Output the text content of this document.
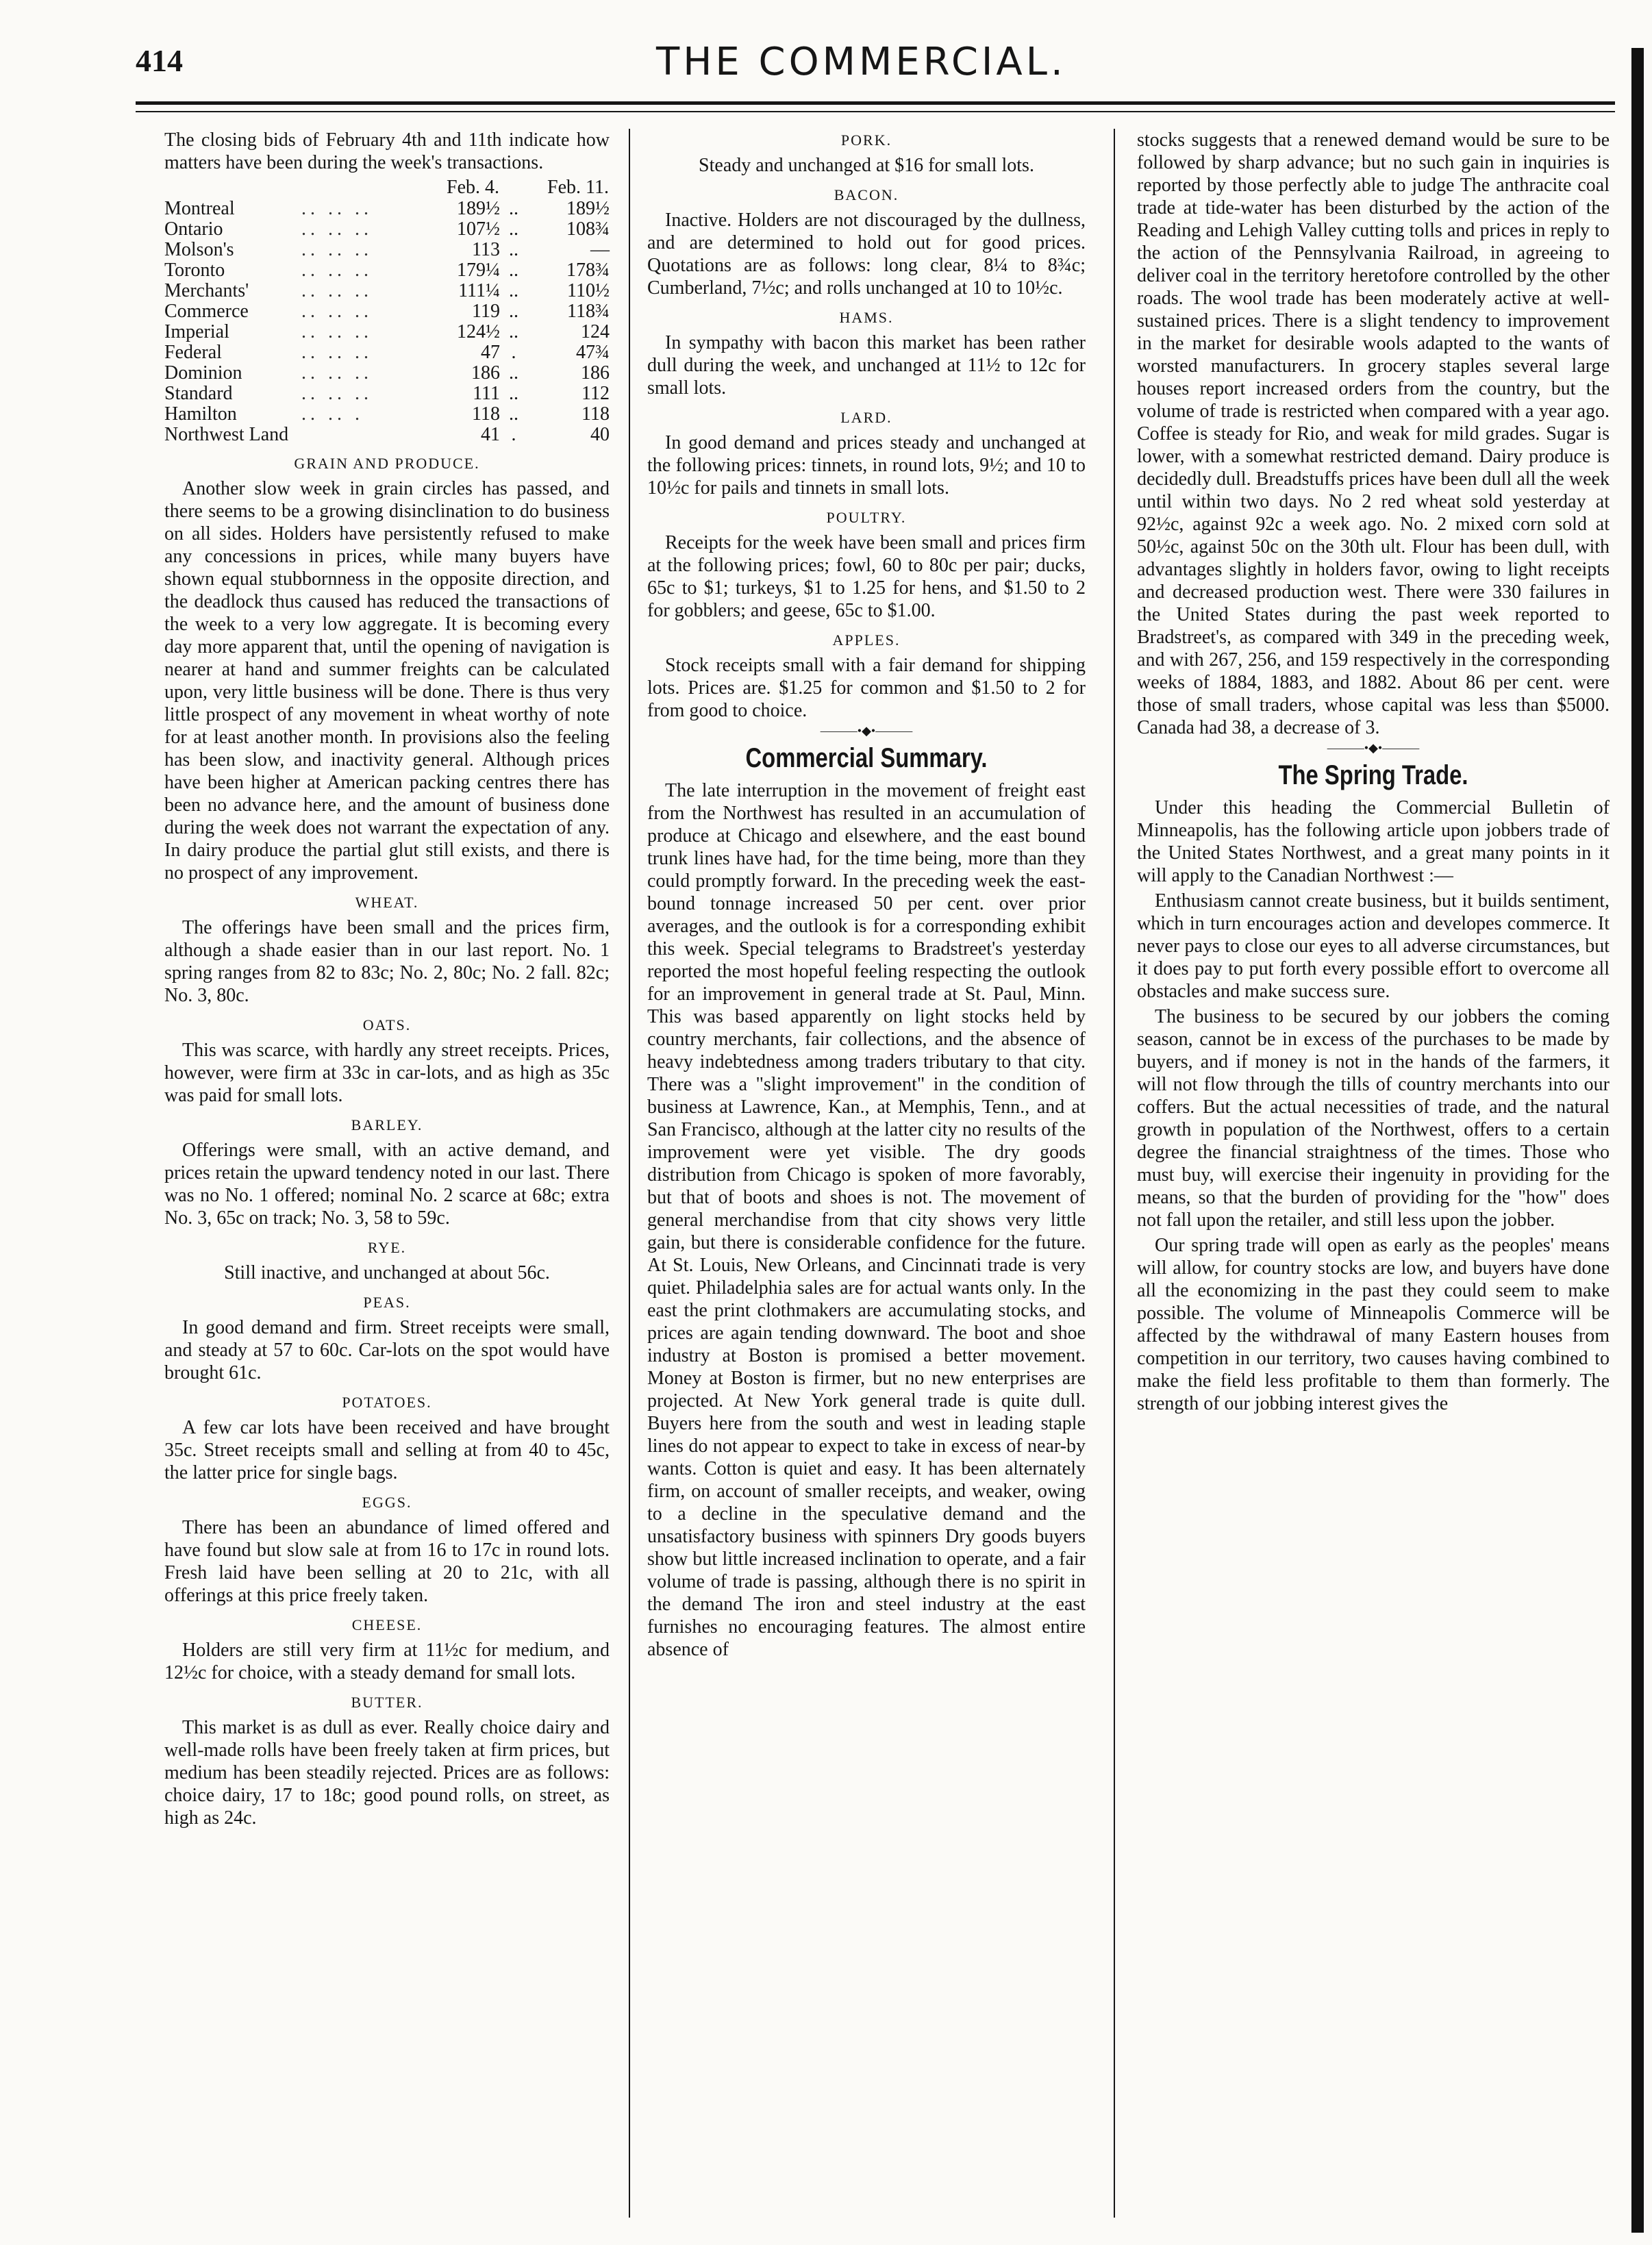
414	THE COMMERCIAL.

The closing bids of February 4th and 11th indicate how matters have been during the week's transactions.

		Feb. 4.		Feb. 11.
Montreal	.. .. ..	189½	..	189½
Ontario	.. .. ..	107½	..	108¾
Molson's	.. .. ..	113	..	—
Toronto	.. .. ..	179¼	..	178¾
Merchants'	.. .. ..	111¼	..	110½
Commerce	.. .. ..	119	..	118¾
Imperial	.. .. ..	124½	..	124
Federal	.. .. ..	47	.	47¾
Dominion	.. .. ..	186	..	186
Standard	.. .. ..	111	..	112
Hamilton	.. .. .	118	..	118
Northwest Land		41	.	40
GRAIN AND PRODUCE.

Another slow week in grain circles has passed, and there seems to be a growing disinclination to do business on all sides. Holders have persistently refused to make any concessions in prices, while many buyers have shown equal stubbornness in the opposite direction, and the deadlock thus caused has reduced the transactions of the week to a very low aggregate. It is becoming every day more apparent that, until the opening of navigation is nearer at hand and summer freights can be calculated upon, very little business will be done. There is thus very little prospect of any movement in wheat worthy of note for at least another month. In provisions also the feeling has been slow, and inactivity general. Although prices have been higher at American packing centres there has been no advance here, and the amount of business done during the week does not warrant the expectation of any. In dairy produce the partial glut still exists, and there is no prospect of any improvement.

WHEAT.

The offerings have been small and the prices firm, although a shade easier than in our last report. No. 1 spring ranges from 82 to 83c; No. 2, 80c; No. 2 fall. 82c; No. 3, 80c.

OATS.

This was scarce, with hardly any street receipts. Prices, however, were firm at 33c in car-lots, and as high as 35c was paid for small lots.

BARLEY.

Offerings were small, with an active demand, and prices retain the upward tendency noted in our last. There was no No. 1 offered; nominal No. 2 scarce at 68c; extra No. 3, 65c on track; No. 3, 58 to 59c.

RYE.

Still inactive, and unchanged at about 56c.

PEAS.

In good demand and firm. Street receipts were small, and steady at 57 to 60c. Car-lots on the spot would have brought 61c.

POTATOES.

A few car lots have been received and have brought 35c. Street receipts small and selling at from 40 to 45c, the latter price for single bags.

EGGS.

There has been an abundance of limed offered and have found but slow sale at from 16 to 17c in round lots. Fresh laid have been selling at 20 to 21c, with all offerings at this price freely taken.

CHEESE.

Holders are still very firm at 11½c for medium, and 12½c for choice, with a steady demand for small lots.

BUTTER.

This market is as dull as ever. Really choice dairy and well-made rolls have been freely taken at firm prices, but medium has been steadily rejected. Prices are as follows: choice dairy, 17 to 18c; good pound rolls, on street, as high as 24c.

PORK.

Steady and unchanged at $16 for small lots.

BACON.

Inactive. Holders are not discouraged by the dullness, and are determined to hold out for good prices. Quotations are as follows: long clear, 8¼ to 8¾c; Cumberland, 7½c; and rolls unchanged at 10 to 10½c.

HAMS.

In sympathy with bacon this market has been rather dull during the week, and unchanged at 11½ to 12c for small lots.

LARD.

In good demand and prices steady and unchanged at the following prices: tinnets, in round lots, 9½; and 10 to 10½c for pails and tinnets in small lots.

POULTRY.

Receipts for the week have been small and prices firm at the following prices; fowl, 60 to 80c per pair; ducks, 65c to $1; turkeys, $1 to 1.25 for hens, and $1.50 to 2 for gobblers; and geese, 65c to $1.00.

APPLES.

Stock receipts small with a fair demand for shipping lots. Prices are. $1.25 for common and $1.50 to 2 for from good to choice.

———•◆•———
Commercial Summary.

The late interruption in the movement of freight east from the Northwest has resulted in an accumulation of produce at Chicago and elsewhere, and the east bound trunk lines have had, for the time being, more than they could promptly forward. In the preceding week the east-bound tonnage increased 50 per cent. over prior averages, and the outlook is for a corresponding exhibit this week. Special telegrams to Bradstreet's yesterday reported the most hopeful feeling respecting the outlook for an improvement in general trade at St. Paul, Minn. This was based apparently on light stocks held by country merchants, fair collections, and the absence of heavy indebtedness among traders tributary to that city. There was a "slight improvement" in the condition of business at Lawrence, Kan., at Memphis, Tenn., and at San Francisco, although at the latter city no results of the improvement were yet visible. The dry goods distribution from Chicago is spoken of more favorably, but that of boots and shoes is not. The movement of general merchandise from that city shows very little gain, but there is considerable confidence for the future. At St. Louis, New Orleans, and Cincinnati trade is very quiet. Philadelphia sales are for actual wants only. In the east the print clothmakers are accumulating stocks, and prices are again tending downward. The boot and shoe industry at Boston is promised a better movement. Money at Boston is firmer, but no new enterprises are projected. At New York general trade is quite dull. Buyers here from the south and west in leading staple lines do not appear to expect to take in excess of near-by wants. Cotton is quiet and easy. It has been alternately firm, on account of smaller receipts, and weaker, owing to a decline in the speculative demand and the unsatisfactory business with spinners Dry goods buyers show but little increased inclination to operate, and a fair volume of trade is passing, although there is no spirit in the demand The iron and steel industry at the east furnishes no encouraging features. The almost entire absence of

stocks suggests that a renewed demand would be sure to be followed by sharp advance; but no such gain in inquiries is reported by those perfectly able to judge The anthracite coal trade at tide-water has been disturbed by the action of the Reading and Lehigh Valley cutting tolls and prices in reply to the action of the Pennsylvania Railroad, in agreeing to deliver coal in the territory heretofore controlled by the other roads. The wool trade has been moderately active at well-sustained prices. There is a slight tendency to improvement in the market for desirable wools adapted to the wants of worsted manufacturers. In grocery staples several large houses report increased orders from the country, but the volume of trade is restricted when compared with a year ago. Coffee is steady for Rio, and weak for mild grades. Sugar is lower, with a somewhat restricted demand. Dairy produce is decidedly dull. Breadstuffs prices have been dull all the week until within two days. No 2 red wheat sold yesterday at 92½c, against 92c a week ago. No. 2 mixed corn sold at 50½c, against 50c on the 30th ult. Flour has been dull, with advantages slightly in holders favor, owing to light receipts and decreased production west. There were 330 failures in the United States during the past week reported to Bradstreet's, as compared with 349 in the preceding week, and with 267, 256, and 159 respectively in the corresponding weeks of 1884, 1883, and 1882. About 86 per cent. were those of small traders, whose capital was less than $5000. Canada had 38, a decrease of 3.

———•◆•———
The Spring Trade.

Under this heading the Commercial Bulletin of Minneapolis, has the following article upon jobbers trade of the United States Northwest, and a great many points in it will apply to the Canadian Northwest :—

Enthusiasm cannot create business, but it builds sentiment, which in turn encourages action and developes commerce. It never pays to close our eyes to all adverse circumstances, but it does pay to put forth every possible effort to overcome all obstacles and make success sure.

The business to be secured by our jobbers the coming season, cannot be in excess of the purchases to be made by buyers, and if money is not in the hands of the farmers, it will not flow through the tills of country merchants into our coffers. But the actual necessities of trade, and the natural growth in population of the Northwest, offers to a certain degree the financial straightness of the times. Those who must buy, will exercise their ingenuity in providing for the means, so that the burden of providing for the "how" does not fall upon the retailer, and still less upon the jobber.

Our spring trade will open as early as the peoples' means will allow, for country stocks are low, and buyers have done all the economizing in the past they could seem to make possible. The volume of Minneapolis Commerce will be affected by the withdrawal of many Eastern houses from competition in our territory, two causes having combined to make the field less profitable to them than formerly. The strength of our jobbing interest gives the
